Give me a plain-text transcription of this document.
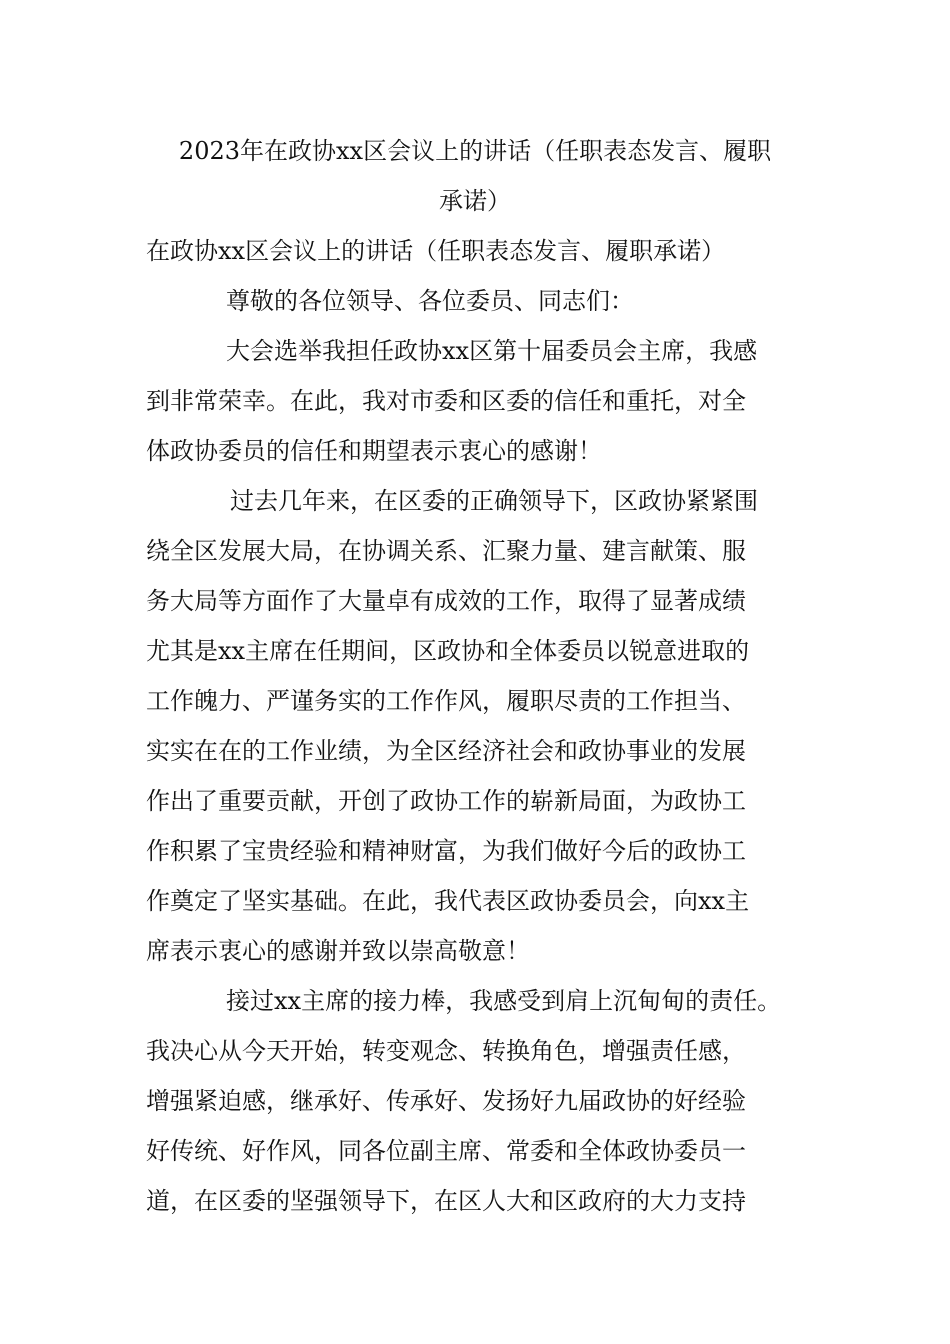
2023年在政协xx区会议上的讲话（任职表态发言、履职
承诺）
在政协xx区会议上的讲话（任职表态发言、履职承诺）
尊敬的各位领导、各位委员、同志们：
大会选举我担任政协xx区第十届委员会主席，我感
到非常荣幸。在此，我对市委和区委的信任和重托，对全
体政协委员的信任和期望表示衷心的感谢！
过去几年来，在区委的正确领导下，区政协紧紧围
绕全区发展大局，在协调关系、汇聚力量、建言献策、服
务大局等方面作了大量卓有成效的工作，取得了显著成绩
尤其是xx主席在任期间，区政协和全体委员以锐意进取的
工作魄力、严谨务实的工作作风，履职尽责的工作担当、
实实在在的工作业绩，为全区经济社会和政协事业的发展
作出了重要贡献，开创了政协工作的崭新局面，为政协工
作积累了宝贵经验和精神财富，为我们做好今后的政协工
作奠定了坚实基础。在此，我代表区政协委员会，向xx主
席表示衷心的感谢并致以崇高敬意！
接过xx主席的接力棒，我感受到肩上沉甸甸的责任。
我决心从今天开始，转变观念、转换角色，增强责任感，
增强紧迫感，继承好、传承好、发扬好九届政协的好经验
好传统、好作风，同各位副主席、常委和全体政协委员一
道，在区委的坚强领导下，在区人大和区政府的大力支持
